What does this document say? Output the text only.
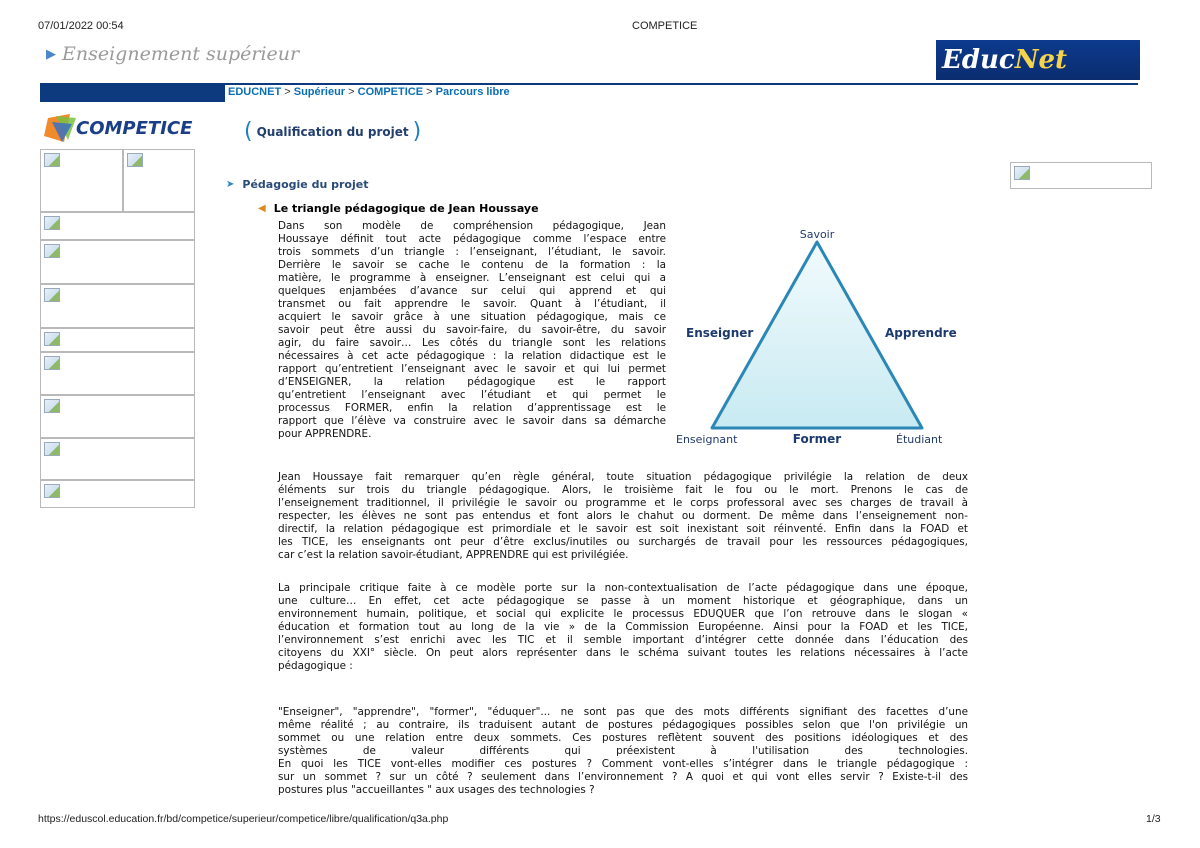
07/01/2022 00:54	COMPETICE
▶ Enseignement supérieur	Educ Net
EDUCNET > Supérieur > COMPETICE > Parcours libre
COMPETICE ( Qualification du projet )
➤ Pédagogie du projet
◀ Le triangle pédagogique de Jean Houssaye
Dans son modèle de compréhension pédagogique, Jean
Houssaye définit tout acte pédagogique comme l’espace entre
trois sommets d’un triangle : l’enseignant, l’étudiant, le savoir.
Derrière le savoir se cache le contenu de la formation : la
matière, le programme à enseigner. L’enseignant est celui qui a
quelques enjambées d’avance sur celui qui apprend et qui
transmet ou fait apprendre le savoir. Quant à l’étudiant, il
acquiert le savoir grâce à une situation pédagogique, mais ce
savoir peut être aussi du savoir-faire, du savoir-être, du savoir
agir, du faire savoir… Les côtés du triangle sont les relations
nécessaires à cet acte pédagogique : la relation didactique est le
rapport qu’entretient l’enseignant avec le savoir et qui lui permet
d’ENSEIGNER, la relation pédagogique est le rapport
qu’entretient l’enseignant avec l’étudiant et qui permet le
processus FORMER, enfin la relation d’apprentissage est le
rapport que l’élève va construire avec le savoir dans sa démarche
pour APPRENDRE.
Savoir
Enseigner	Apprendre
Enseignant	Former	Étudiant
Jean Houssaye fait remarquer qu’en règle général, toute situation pédagogique privilégie la relation de deux
éléments sur trois du triangle pédagogique. Alors, le troisième fait le fou ou le mort. Prenons le cas de
l’enseignement traditionnel, il privilégie le savoir ou programme et le corps professoral avec ses charges de travail à
respecter, les élèves ne sont pas entendus et font alors le chahut ou dorment. De même dans l’enseignement non-
directif, la relation pédagogique est primordiale et le savoir est soit inexistant soit réinventé. Enfin dans la FOAD et
les TICE, les enseignants ont peur d’être exclus/inutiles ou surchargés de travail pour les ressources pédagogiques,
car c’est la relation savoir-étudiant, APPRENDRE qui est privilégiée.
La principale critique faite à ce modèle porte sur la non-contextualisation de l’acte pédagogique dans une époque,
une culture… En effet, cet acte pédagogique se passe à un moment historique et géographique, dans un
environnement humain, politique, et social qui explicite le processus EDUQUER que l’on retrouve dans le slogan «
éducation et formation tout au long de la vie » de la Commission Européenne. Ainsi pour la FOAD et les TICE,
l’environnement s’est enrichi avec les TIC et il semble important d’intégrer cette donnée dans l’éducation des
citoyens du XXI° siècle. On peut alors représenter dans le schéma suivant toutes les relations nécessaires à l’acte
pédagogique :
"Enseigner", "apprendre", "former", "éduquer"... ne sont pas que des mots différents signifiant des facettes d’une
même réalité ; au contraire, ils traduisent autant de postures pédagogiques possibles selon que l'on privilégie un
sommet ou une relation entre deux sommets. Ces postures reflètent souvent des positions idéologiques et des
systèmes de valeur différents qui préexistent à l'utilisation des technologies.
En quoi les TICE vont-elles modifier ces postures ? Comment vont-elles s’intégrer dans le triangle pédagogique :
sur un sommet ? sur un côté ? seulement dans l’environnement ? A quoi et qui vont elles servir ? Existe-t-il des
postures plus "accueillantes " aux usages des technologies ?
https://eduscol.education.fr/bd/competice/superieur/competice/libre/qualification/q3a.php	1/3
